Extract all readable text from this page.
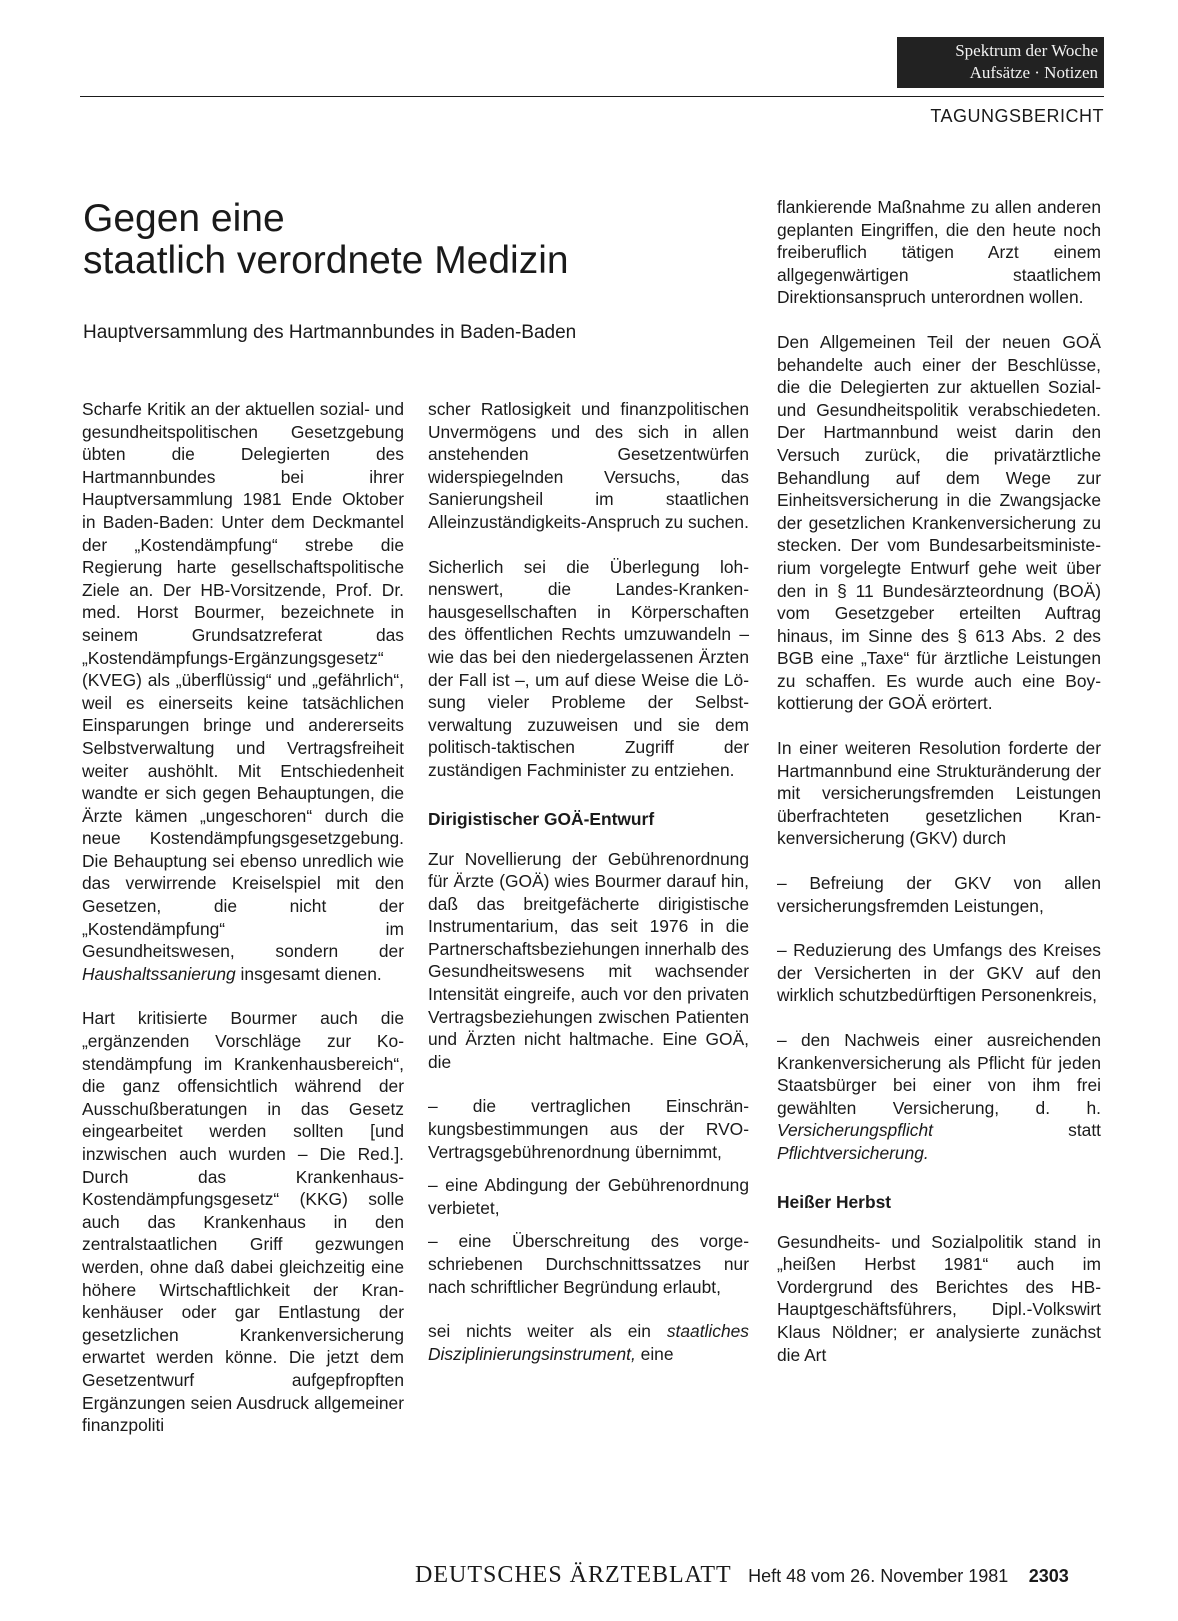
Spektrum der Woche
Aufsätze · Notizen
TAGUNGSBERICHT
Gegen eine
staatlich verordnete Medizin

Hauptversammlung des Hartmannbundes in Baden-Baden

Scharfe Kritik an der aktuellen sozial- und gesundheitspolitischen Gesetzgebung übten die Delegierten des Hartmannbundes bei ihrer Hauptversammlung 1981 Ende Oktober in Baden-Baden: Unter dem Deckmantel der „Kostendämpfung“ strebe die Regierung harte gesellschaftspolitische Ziele an. Der HB-Vorsitzende, Prof. Dr. med. Horst Bourmer, bezeichnete in seinem Grundsatzreferat das „Kostendämpfungs-Ergänzungsgesetz“ (KVEG) als „überflüssig“ und „gefährlich“, weil es einerseits keine tatsächlichen Einsparungen bringe und andererseits Selbstverwaltung und Vertragsfreiheit weiter aushöhlt. Mit Entschiedenheit wandte er sich gegen Behauptungen, die Ärzte kämen „ungeschoren“ durch die neue Kostendämpfungsgesetzgebung. Die Behauptung sei ebenso unredlich wie das verwirrende Kreiselspiel mit den Gesetzen, die nicht der „Kostendämpfung“ im Gesundheitswesen, sondern der Haushaltssanierung insgesamt dienen.

Hart kritisierte Bourmer auch die „ergänzenden Vorschläge zur Kostendämpfung im Krankenhausbereich“, die ganz offensichtlich während der Ausschußberatungen in das Gesetz eingearbeitet werden sollten [und inzwischen auch wurden – Die Red.]. Durch das Krankenhaus-Kostendämpfungsgesetz“ (KKG) solle auch das Krankenhaus in den zentralstaatlichen Griff gezwungen werden, ohne daß dabei gleichzeitig eine höhere Wirtschaftlichkeit der Krankenhäuser oder gar Entlastung der gesetzlichen Krankenversicherung erwartet werden könne. Die jetzt dem Gesetzentwurf aufgepfropften Ergänzungen seien Ausdruck allgemeiner finanzpoliti

scher Ratlosigkeit und finanzpolitischen Unvermögens und des sich in allen anstehenden Gesetzentwürfen widerspiegelnden Versuchs, das Sanierungsheil im staatlichen Alleinzuständigkeits-Anspruch zu suchen.

Sicherlich sei die Überlegung lohnenswert, die Landes-Krankenhausgesellschaften in Körperschaften des öffentlichen Rechts umzuwandeln – wie das bei den niedergelassenen Ärzten der Fall ist –, um auf diese Weise die Lösung vieler Probleme der Selbstverwaltung zuzuweisen und sie dem politisch-taktischen Zugriff der zuständigen Fachminister zu entziehen.

Dirigistischer GOÄ-Entwurf

Zur Novellierung der Gebührenordnung für Ärzte (GOÄ) wies Bourmer darauf hin, daß das breitgefächerte dirigistische Instrumentarium, das seit 1976 in die Partnerschaftsbeziehungen innerhalb des Gesundheitswesens mit wachsender Intensität eingreife, auch vor den privaten Vertragsbeziehungen zwischen Patienten und Ärzten nicht haltmache. Eine GOÄ, die

– die vertraglichen Einschränkungsbestimmungen aus der RVO-Vertragsgebührenordnung übernimmt,

– eine Abdingung der Gebührenordnung verbietet,

– eine Überschreitung des vorgeschriebenen Durchschnittssatzes nur nach schriftlicher Begründung erlaubt,

sei nichts weiter als ein staatliches Disziplinierungsinstrument, eine

flankierende Maßnahme zu allen anderen geplanten Eingriffen, die den heute noch freiberuflich tätigen Arzt einem allgegenwärtigen staatlichem Direktionsanspruch unterordnen wollen.

Den Allgemeinen Teil der neuen GOÄ behandelte auch einer der Beschlüsse, die die Delegierten zur aktuellen Sozial- und Gesundheitspolitik verabschiedeten. Der Hartmannbund weist darin den Versuch zurück, die privatärztliche Behandlung auf dem Wege zur Einheitsversicherung in die Zwangsjacke der gesetzlichen Krankenversicherung zu stecken. Der vom Bundesarbeitsministerium vorgelegte Entwurf gehe weit über den in § 11 Bundesärzteordnung (BOÄ) vom Gesetzgeber erteilten Auftrag hinaus, im Sinne des § 613 Abs. 2 des BGB eine „Taxe“ für ärztliche Leistungen zu schaffen. Es wurde auch eine Boykottierung der GOÄ erörtert.

In einer weiteren Resolution forderte der Hartmannbund eine Strukturänderung der mit versicherungsfremden Leistungen überfrachteten gesetzlichen Krankenversicherung (GKV) durch

– Befreiung der GKV von allen versicherungsfremden Leistungen,

– Reduzierung des Umfangs des Kreises der Versicherten in der GKV auf den wirklich schutzbedürftigen Personenkreis,

– den Nachweis einer ausreichenden Krankenversicherung als Pflicht für jeden Staatsbürger bei einer von ihm frei gewählten Versicherung, d. h. Versicherungspflicht statt Pflichtversicherung.

Heißer Herbst

Gesundheits- und Sozialpolitik stand in „heißen Herbst 1981“ auch im Vordergrund des Berichtes des HB-Hauptgeschäftsführers, Dipl.-Volkswirt Klaus Nöldner; er analysierte zunächst die Art

DEUTSCHES ÄRZTEBLATT Heft 48 vom 26. November 1981 2303
